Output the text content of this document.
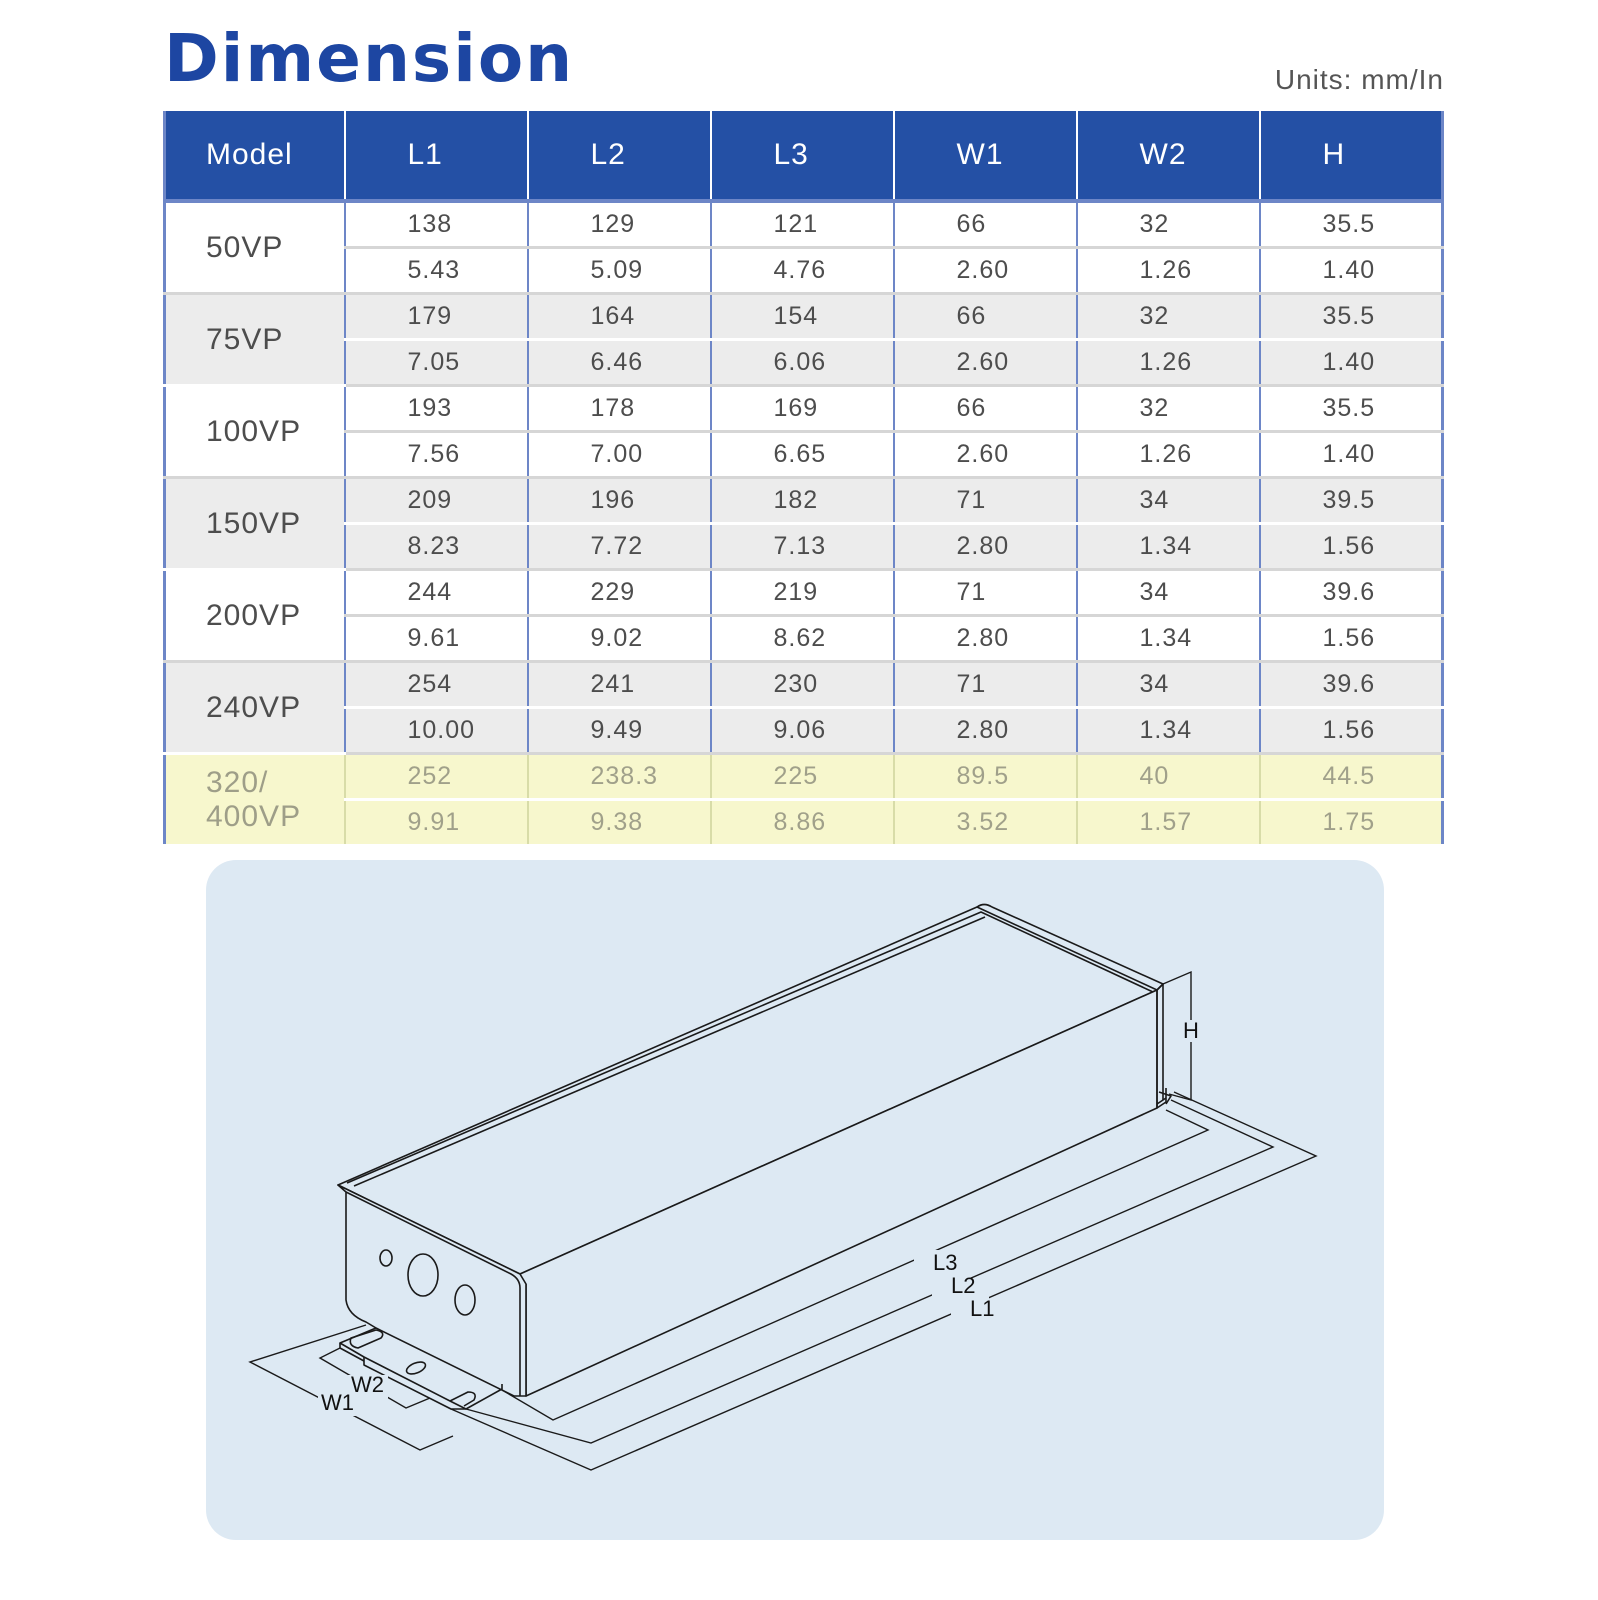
Dimension	Units: mm/In
Model	L1	L2	L3	W1	W2	H
50VP	138	129	121	66	32	35.5
	5.43	5.09	4.76	2.60	1.26	1.40
75VP	179	164	154	66	32	35.5
	7.05	6.46	6.06	2.60	1.26	1.40
100VP	193	178	169	66	32	35.5
	7.56	7.00	6.65	2.60	1.26	1.40
150VP	209	196	182	71	34	39.5
	8.23	7.72	7.13	2.80	1.34	1.56
200VP	244	229	219	71	34	39.6
	9.61	9.02	8.62	2.80	1.34	1.56
240VP	254	241	230	71	34	39.6
	10.00	9.49	9.06	2.80	1.34	1.56
320/ 400VP	252	238.3	225	89.5	40	44.5
	9.91	9.38	8.86	3.52	1.57	1.75
H
L3
L2
L1
W2
W1
